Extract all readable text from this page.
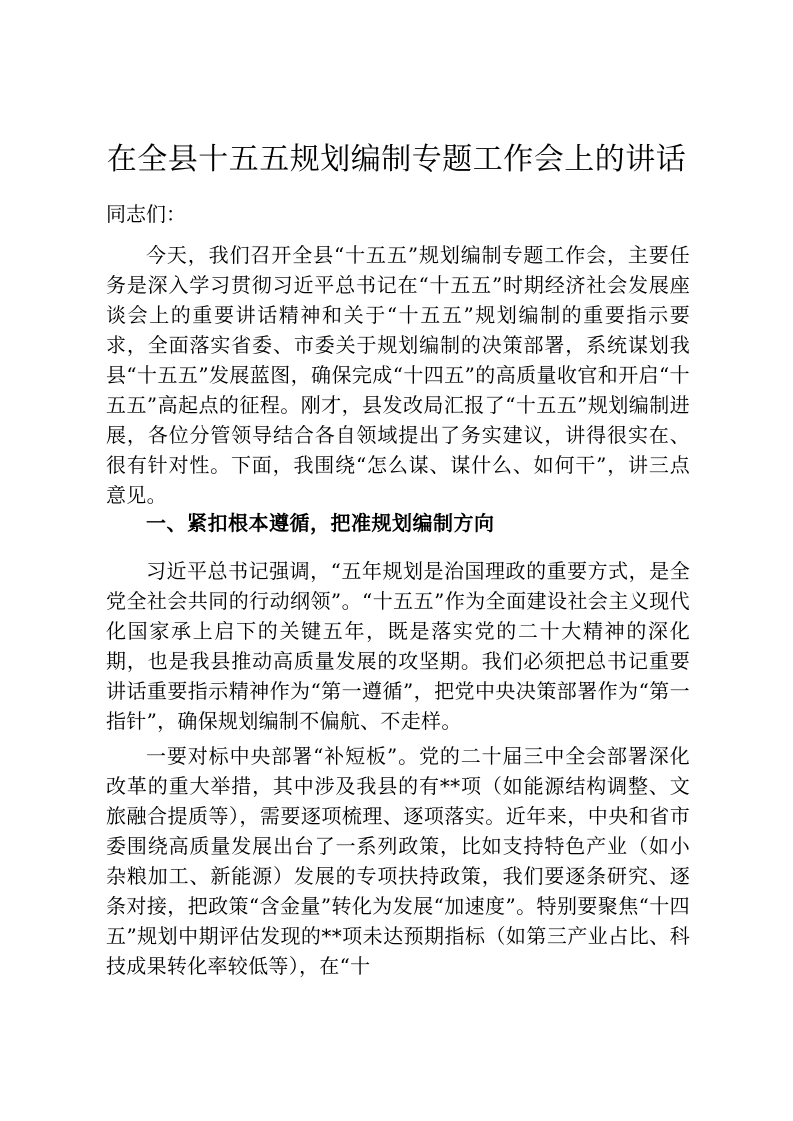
在全县十五五规划编制专题工作会上的讲话

同志们：

今天，我们召开全县“十五五”规划编制专题工作会，主要任务是深入学习贯彻习近平总书记在“十五五”时期经济社会发展座谈会上的重要讲话精神和关于“十五五”规划编制的重要指示要求，全面落实省委、市委关于规划编制的决策部署，系统谋划我县“十五五”发展蓝图，确保完成“十四五”的高质量收官和开启“十五五”高起点的征程。刚才，县发改局汇报了“十五五”规划编制进展，各位分管领导结合各自领域提出了务实建议，讲得很实在、很有针对性。下面，我围绕“怎么谋、谋什么、如何干”，讲三点意见。

一、紧扣根本遵循，把准规划编制方向

习近平总书记强调，“五年规划是治国理政的重要方式，是全党全社会共同的行动纲领”。“十五五”作为全面建设社会主义现代化国家承上启下的关键五年，既是落实党的二十大精神的深化期，也是我县推动高质量发展的攻坚期。我们必须把总书记重要讲话重要指示精神作为“第一遵循”，把党中央决策部署作为“第一指针”，确保规划编制不偏航、不走样。

一要对标中央部署“补短板”。党的二十届三中全会部署深化改革的重大举措，其中涉及我县的有**项（如能源结构调整、文旅融合提质等），需要逐项梳理、逐项落实。近年来，中央和省市委围绕高质量发展出台了一系列政策，比如支持特色产业（如小杂粮加工、新能源）发展的专项扶持政策，我们要逐条研究、逐条对接，把政策“含金量”转化为发展“加速度”。特别要聚焦“十四五”规划中期评估发现的**项未达预期指标（如第三产业占比、科技成果转化率较低等），在“十
